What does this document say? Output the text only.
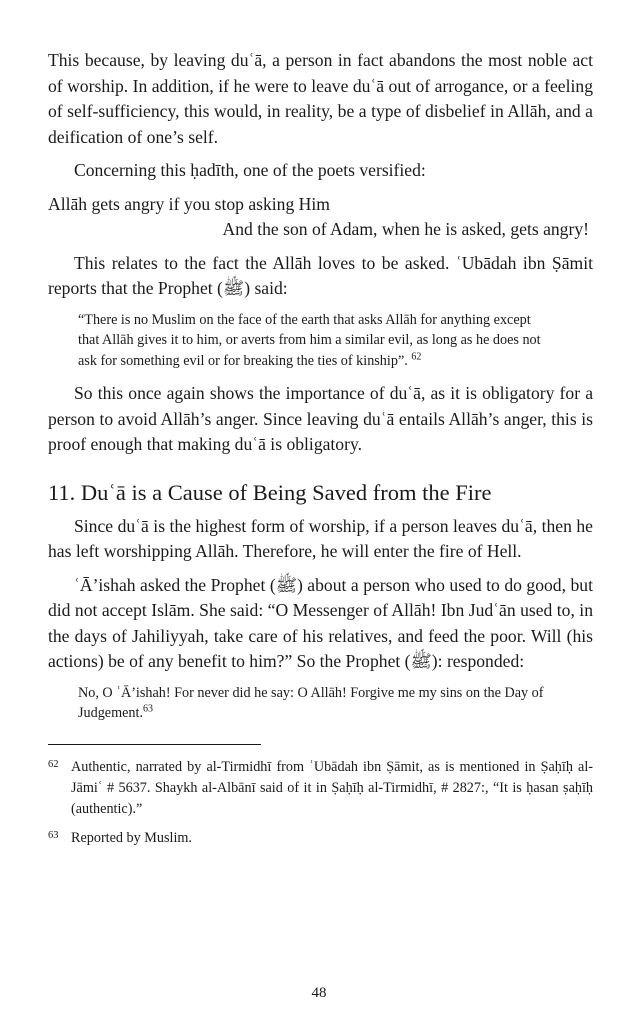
This because, by leaving duʿā, a person in fact abandons the most noble act of worship. In addition, if he were to leave duʿā out of arrogance, or a feeling of self-sufficiency, this would, in reality, be a type of disbelief in Allāh, and a deification of one’s self.

Concerning this ḥadīth, one of the poets versified:

Allāh gets angry if you stop asking Him
And the son of Adam, when he is asked, gets angry!

This relates to the fact the Allāh loves to be asked. ʿUbādah ibn Ṣāmit reports that the Prophet (ﷺ) said:

“There is no Muslim on the face of the earth that asks Allāh for anything except that Allāh gives it to him, or averts from him a similar evil, as long as he does not ask for something evil or for breaking the ties of kinship”. $^{62}$

So this once again shows the importance of duʿā, as it is obligatory for a person to avoid Allāh’s anger. Since leaving duʿā entails Allāh’s anger, this is proof enough that making duʿā is obligatory.

11. Duʿā is a Cause of Being Saved from the Fire

Since duʿā is the highest form of worship, if a person leaves duʿā, then he has left worshipping Allāh. Therefore, he will enter the fire of Hell.

ʿĀ’ishah asked the Prophet (ﷺ) about a person who used to do good, but did not accept Islām. She said: “O Messenger of Allāh! Ibn Judʿān used to, in the days of Jahiliyyah, take care of his relatives, and feed the poor. Will (his actions) be of any benefit to him?” So the Prophet (ﷺ): responded:

No, O ʿĀ’ishah! For never did he say: O Allāh! Forgive me my sins on the Day of Judgement.$^{63}$

62 Authentic, narrated by al-Tirmidhī from ʿUbādah ibn Ṣāmit, as is mentioned in Ṣaḥīḥ al-Jāmiʿ # 5637. Shaykh al-Albānī said of it in Ṣaḥīḥ al-Tirmidhī, # 2827:, “It is ḥasan ṣaḥīḥ (authentic).”

63 Reported by Muslim.

48
